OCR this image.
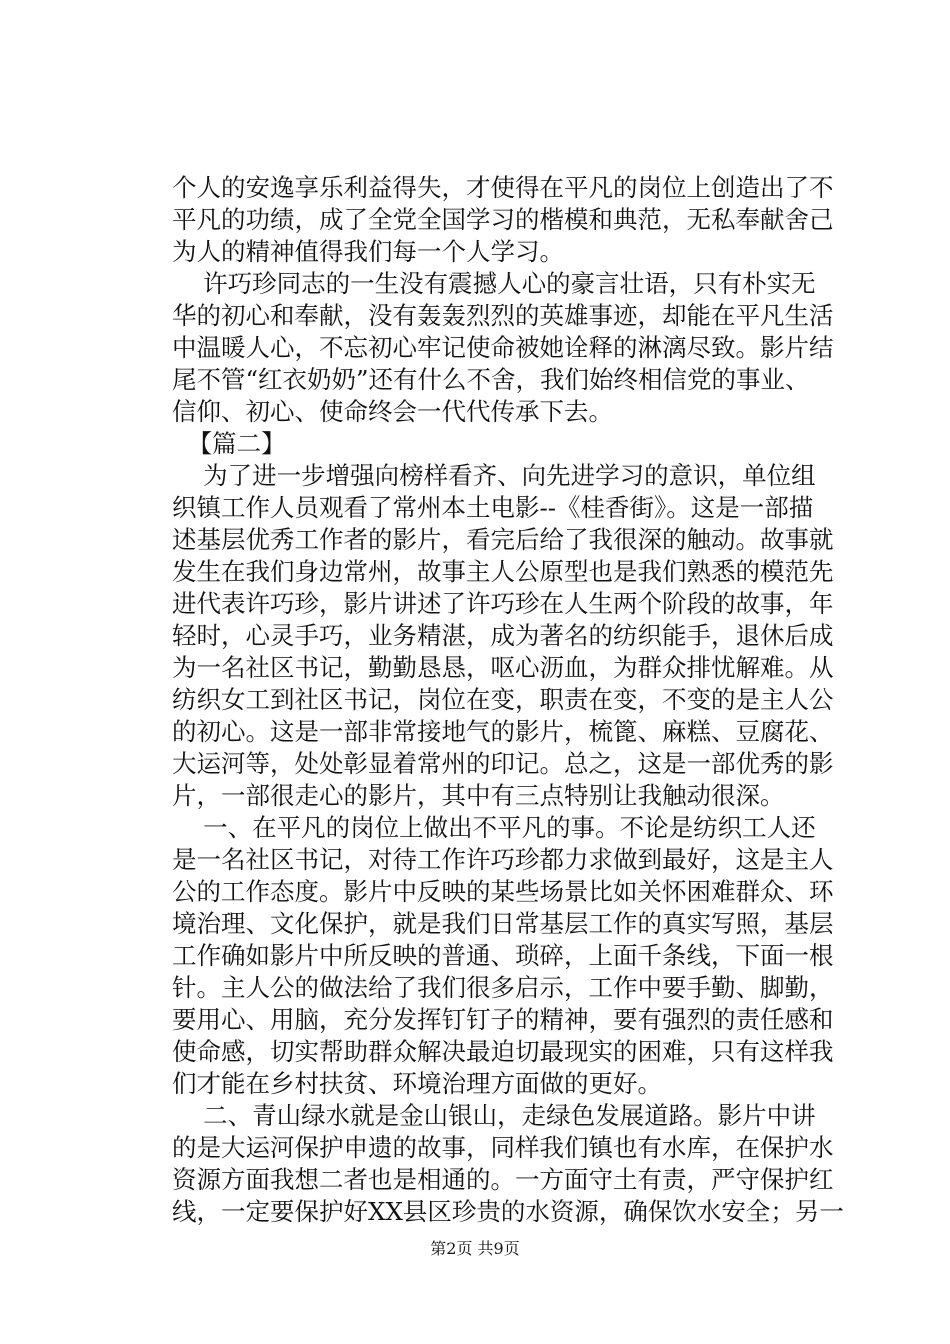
个人的安逸享乐利益得失，才使得在平凡的岗位上创造出了不

平凡的功绩，成了全党全国学习的楷模和典范，无私奉献舍己

为人的精神值得我们每一个人学习。

许巧珍同志的一生没有震撼人心的豪言壮语，只有朴实无

华的初心和奉献，没有轰轰烈烈的英雄事迹，却能在平凡生活

中温暖人心，不忘初心牢记使命被她诠释的淋漓尽致。影片结

尾不管“红衣奶奶”还有什么不舍，我们始终相信党的事业、

信仰、初心、使命终会一代代传承下去。

【篇二】

为了进一步增强向榜样看齐、向先进学习的意识，单位组

织镇工作人员观看了常州本土电影--《桂香街》。这是一部描

述基层优秀工作者的影片，看完后给了我很深的触动。故事就

发生在我们身边常州，故事主人公原型也是我们熟悉的模范先

进代表许巧珍，影片讲述了许巧珍在人生两个阶段的故事，年

轻时，心灵手巧，业务精湛，成为著名的纺织能手，退休后成

为一名社区书记，勤勤恳恳，呕心沥血，为群众排忧解难。从

纺织女工到社区书记，岗位在变，职责在变，不变的是主人公

的初心。这是一部非常接地气的影片，梳篦、麻糕、豆腐花、

大运河等，处处彰显着常州的印记。总之，这是一部优秀的影

片，一部很走心的影片，其中有三点特别让我触动很深。

一、在平凡的岗位上做出不平凡的事。不论是纺织工人还

是一名社区书记，对待工作许巧珍都力求做到最好，这是主人

公的工作态度。影片中反映的某些场景比如关怀困难群众、环

境治理、文化保护，就是我们日常基层工作的真实写照，基层

工作确如影片中所反映的普通、琐碎，上面千条线，下面一根

针。主人公的做法给了我们很多启示，工作中要手勤、脚勤，

要用心、用脑，充分发挥钉钉子的精神，要有强烈的责任感和

使命感，切实帮助群众解决最迫切最现实的困难，只有这样我

们才能在乡村扶贫、环境治理方面做的更好。

二、青山绿水就是金山银山，走绿色发展道路。影片中讲

的是大运河保护申遗的故事，同样我们镇也有水库，在保护水

资源方面我想二者也是相通的。一方面守土有责，严守保护红

线，一定要保护好XX县区珍贵的水资源，确保饮水安全；另一

第2页 共9页
